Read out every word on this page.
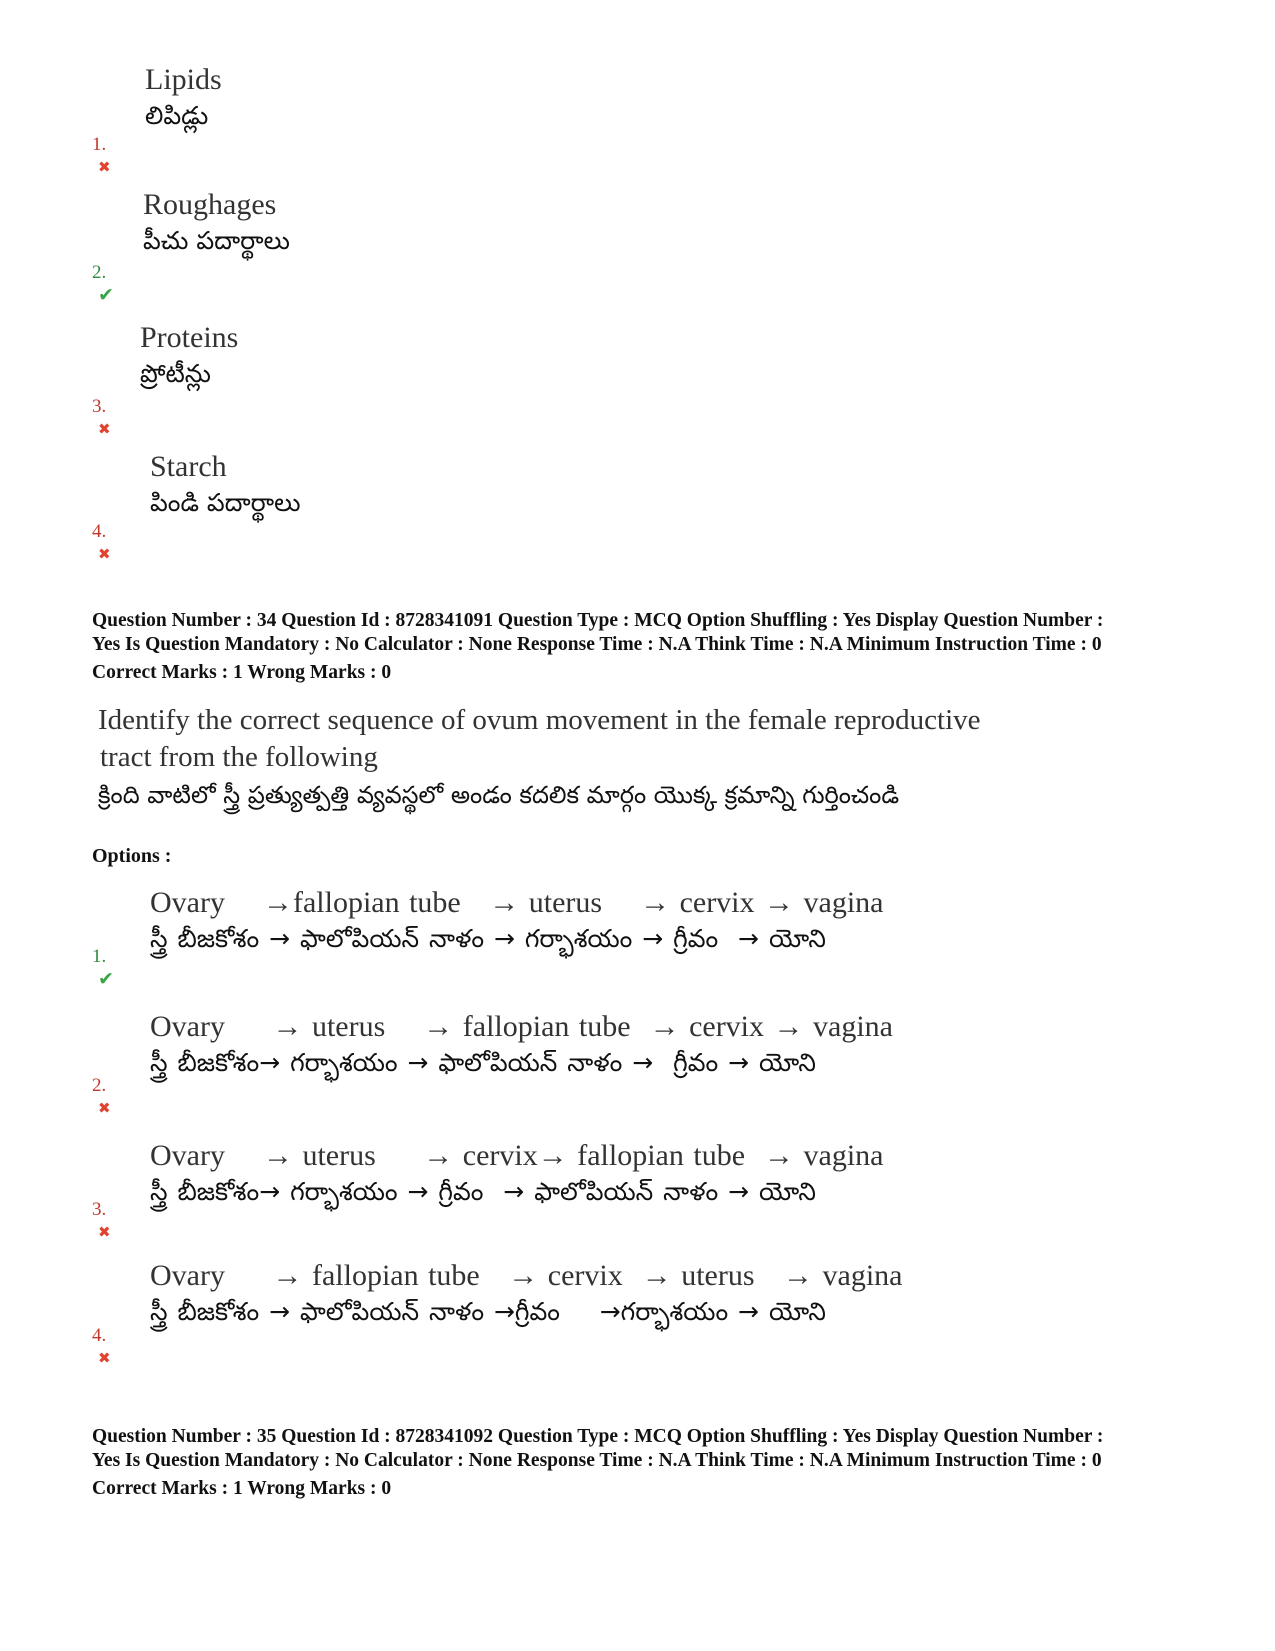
Lipids
లిపిడ్లు
1.✖
Roughages
పీచు పదార్థాలు
2.✔
Proteins
ప్రోటీన్లు
3.✖
Starch
పిండి పదార్థాలు
4.✖
Question Number : 34 Question Id : 8728341091 Question Type : MCQ Option Shuffling : Yes Display Question Number :
Yes Is Question Mandatory : No Calculator : None Response Time : N.A Think Time : N.A Minimum Instruction Time : 0
Correct Marks : 1 Wrong Marks : 0
Identify the correct sequence of ovum movement in the female reproductive
tract from the following
క్రింది వాటిలో స్త్రీ ప్రత్యుత్పత్తి వ్యవస్థలో అండం కదలిక మార్గం యొక్క క్రమాన్ని గుర్తించండి
Options :
Ovary    →fallopian tube   → uterus    → cervix → vagina
స్త్రీ బీజకోశం → ఫాలోపియన్ నాళం → గర్భాశయం → గ్రీవం  → యోని
1.✔
Ovary     → uterus    → fallopian tube  → cervix → vagina
స్త్రీ బీజకోశం→ గర్భాశయం → ఫాలోపియన్ నాళం →  గ్రీవం → యోని
2.✖
Ovary    → uterus     → cervix→ fallopian tube  → vagina
స్త్రీ బీజకోశం→ గర్భాశయం → గ్రీవం  → ఫాలోపియన్ నాళం → యోని
3.✖
Ovary     → fallopian tube   → cervix  → uterus   → vagina
స్త్రీ బీజకోశం → ఫాలోపియన్ నాళం →గ్రీవం    →గర్భాశయం → యోని
4.✖
Question Number : 35 Question Id : 8728341092 Question Type : MCQ Option Shuffling : Yes Display Question Number :
Yes Is Question Mandatory : No Calculator : None Response Time : N.A Think Time : N.A Minimum Instruction Time : 0
Correct Marks : 1 Wrong Marks : 0
